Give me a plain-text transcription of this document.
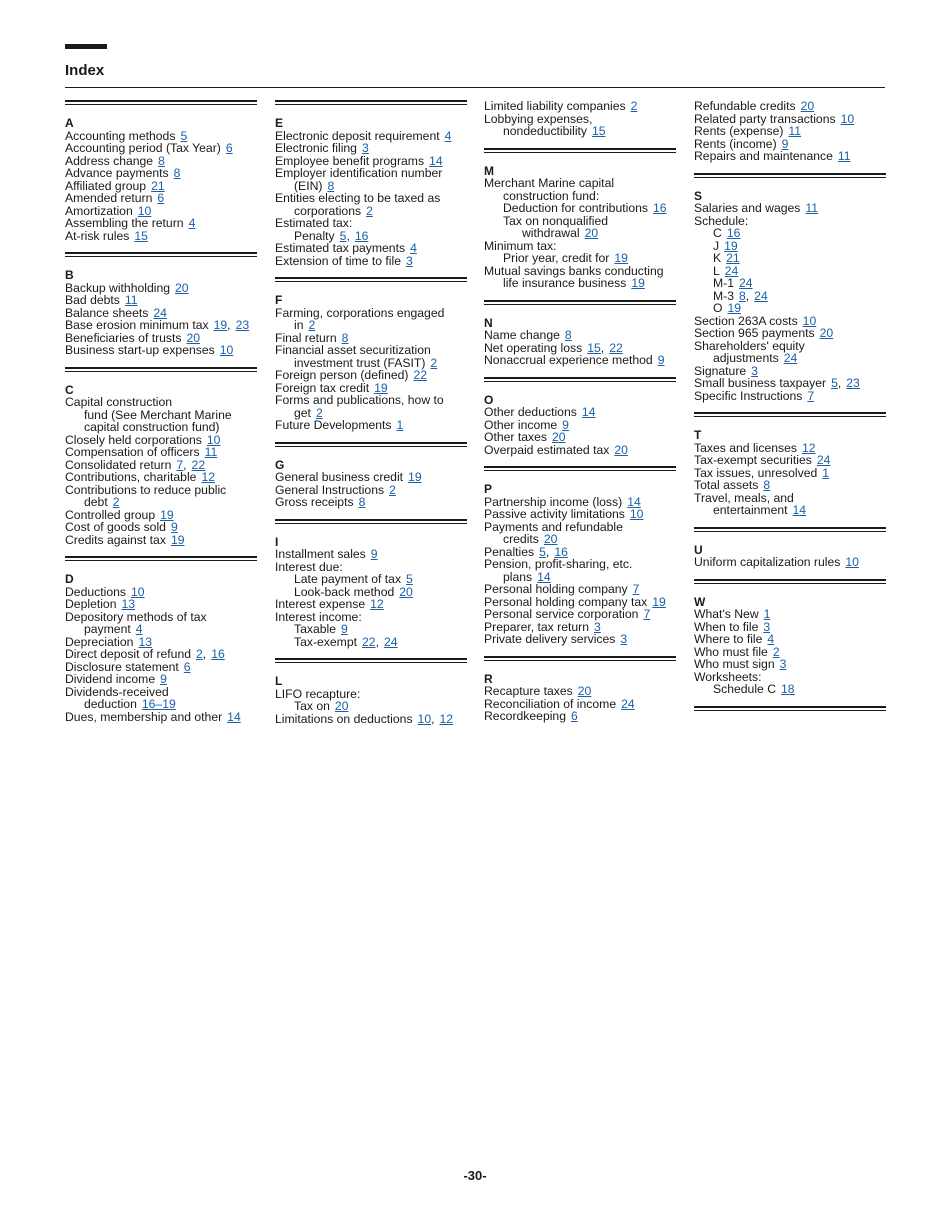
Index
A
Accounting methods 5
Accounting period (Tax Year) 6
Address change 8
Advance payments 8
Affiliated group 21
Amended return 6
Amortization 10
Assembling the return 4
At-risk rules 15
B
Backup withholding 20
Bad debts 11
Balance sheets 24
Base erosion minimum tax 19, 23
Beneficiaries of trusts 20
Business start-up expenses 10
C
Capital construction
fund (See Merchant Marine
capital construction fund)
Closely held corporations 10
Compensation of officers 11
Consolidated return 7, 22
Contributions, charitable 12
Contributions to reduce public
debt 2
Controlled group 19
Cost of goods sold 9
Credits against tax 19
D
Deductions 10
Depletion 13
Depository methods of tax
payment 4
Depreciation 13
Direct deposit of refund 2, 16
Disclosure statement 6
Dividend income 9
Dividends-received
deduction 16–19
Dues, membership and other 14
E
Electronic deposit requirement 4
Electronic filing 3
Employee benefit programs 14
Employer identification number
(EIN) 8
Entities electing to be taxed as
corporations 2
Estimated tax:
Penalty 5, 16
Estimated tax payments 4
Extension of time to file 3
F
Farming, corporations engaged
in 2
Final return 8
Financial asset securitization
investment trust (FASIT) 2
Foreign person (defined) 22
Foreign tax credit 19
Forms and publications, how to
get 2
Future Developments 1
G
General business credit 19
General Instructions 2
Gross receipts 8
I
Installment sales 9
Interest due:
Late payment of tax 5
Look-back method 20
Interest expense 12
Interest income:
Taxable 9
Tax-exempt 22, 24
L
LIFO recapture:
Tax on 20
Limitations on deductions 10, 12
Limited liability companies 2
Lobbying expenses,
nondeductibility 15
M
Merchant Marine capital
construction fund:
Deduction for contributions 16
Tax on nonqualified
withdrawal 20
Minimum tax:
Prior year, credit for 19
Mutual savings banks conducting
life insurance business 19
N
Name change 8
Net operating loss 15, 22
Nonaccrual experience method 9
O
Other deductions 14
Other income 9
Other taxes 20
Overpaid estimated tax 20
P
Partnership income (loss) 14
Passive activity limitations 10
Payments and refundable
credits 20
Penalties 5, 16
Pension, profit-sharing, etc.
plans 14
Personal holding company 7
Personal holding company tax 19
Personal service corporation 7
Preparer, tax return 3
Private delivery services 3
R
Recapture taxes 20
Reconciliation of income 24
Recordkeeping 6
Refundable credits 20
Related party transactions 10
Rents (expense) 11
Rents (income) 9
Repairs and maintenance 11
S
Salaries and wages 11
Schedule:
C 16
J 19
K 21
L 24
M-1 24
M-3 8, 24
O 19
Section 263A costs 10
Section 965 payments 20
Shareholders' equity
adjustments 24
Signature 3
Small business taxpayer 5, 23
Specific Instructions 7
T
Taxes and licenses 12
Tax-exempt securities 24
Tax issues, unresolved 1
Total assets 8
Travel, meals, and
entertainment 14
U
Uniform capitalization rules 10
W
What's New 1
When to file 3
Where to file 4
Who must file 2
Who must sign 3
Worksheets:
Schedule C 18
-30-
